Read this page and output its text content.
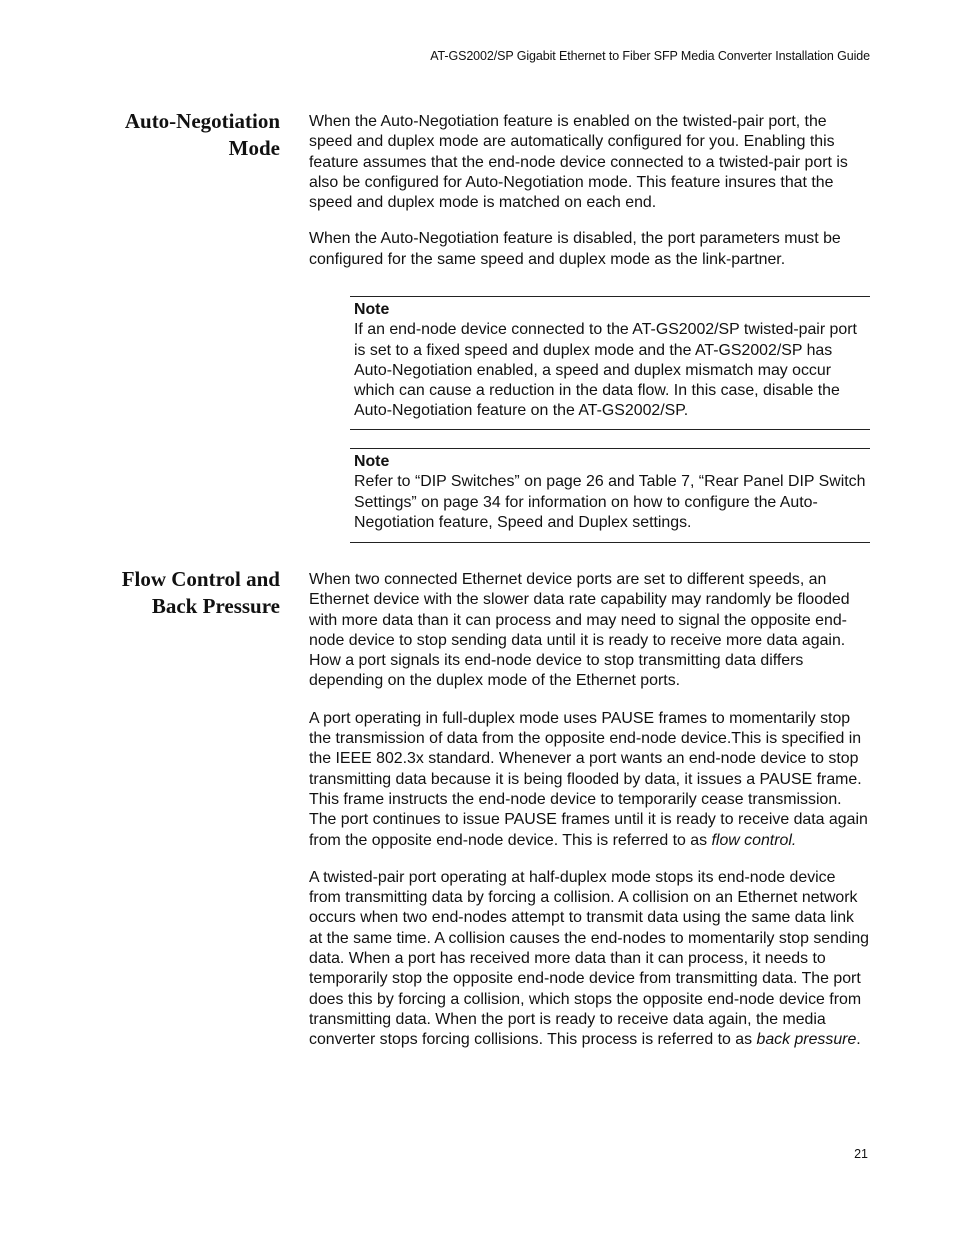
AT-GS2002/SP Gigabit Ethernet to Fiber SFP Media Converter Installation Guide
Auto-Negotiation
Mode

When the Auto-Negotiation feature is enabled on the twisted-pair port, the speed and duplex mode are automatically configured for you. Enabling this feature assumes that the end-node device connected to a twisted-pair port is also be configured for Auto-Negotiation mode. This feature insures that the speed and duplex mode is matched on each end.

When the Auto-Negotiation feature is disabled, the port parameters must be configured for the same speed and duplex mode as the link-partner.

Note
If an end-node device connected to the AT-GS2002/SP twisted-pair port is set to a fixed speed and duplex mode and the AT-GS2002/SP has Auto-Negotiation enabled, a speed and duplex mismatch may occur which can cause a reduction in the data flow. In this case, disable the Auto-Negotiation feature on the AT-GS2002/SP.
Note
Refer to “DIP Switches” on page 26 and Table 7, “Rear Panel DIP Switch Settings” on page 34 for information on how to configure the Auto-Negotiation feature, Speed and Duplex settings.
Flow Control and
Back Pressure

When two connected Ethernet device ports are set to different speeds, an Ethernet device with the slower data rate capability may randomly be flooded with more data than it can process and may need to signal the opposite end-node device to stop sending data until it is ready to receive more data again. How a port signals its end-node device to stop transmitting data differs depending on the duplex mode of the Ethernet ports.

A port operating in full-duplex mode uses PAUSE frames to momentarily stop the transmission of data from the opposite end-node device.This is specified in the IEEE 802.3x standard. Whenever a port wants an end-node device to stop transmitting data because it is being flooded by data, it issues a PAUSE frame. This frame instructs the end-node device to temporarily cease transmission. The port continues to issue PAUSE frames until it is ready to receive data again from the opposite end-node device. This is referred to as flow control.

A twisted-pair port operating at half-duplex mode stops its end-node device from transmitting data by forcing a collision. A collision on an Ethernet network occurs when two end-nodes attempt to transmit data using the same data link at the same time. A collision causes the end-nodes to momentarily stop sending data. When a port has received more data than it can process, it needs to temporarily stop the opposite end-node device from transmitting data. The port does this by forcing a collision, which stops the opposite end-node device from transmitting data. When the port is ready to receive data again, the media converter stops forcing collisions. This process is referred to as back pressure.

21
